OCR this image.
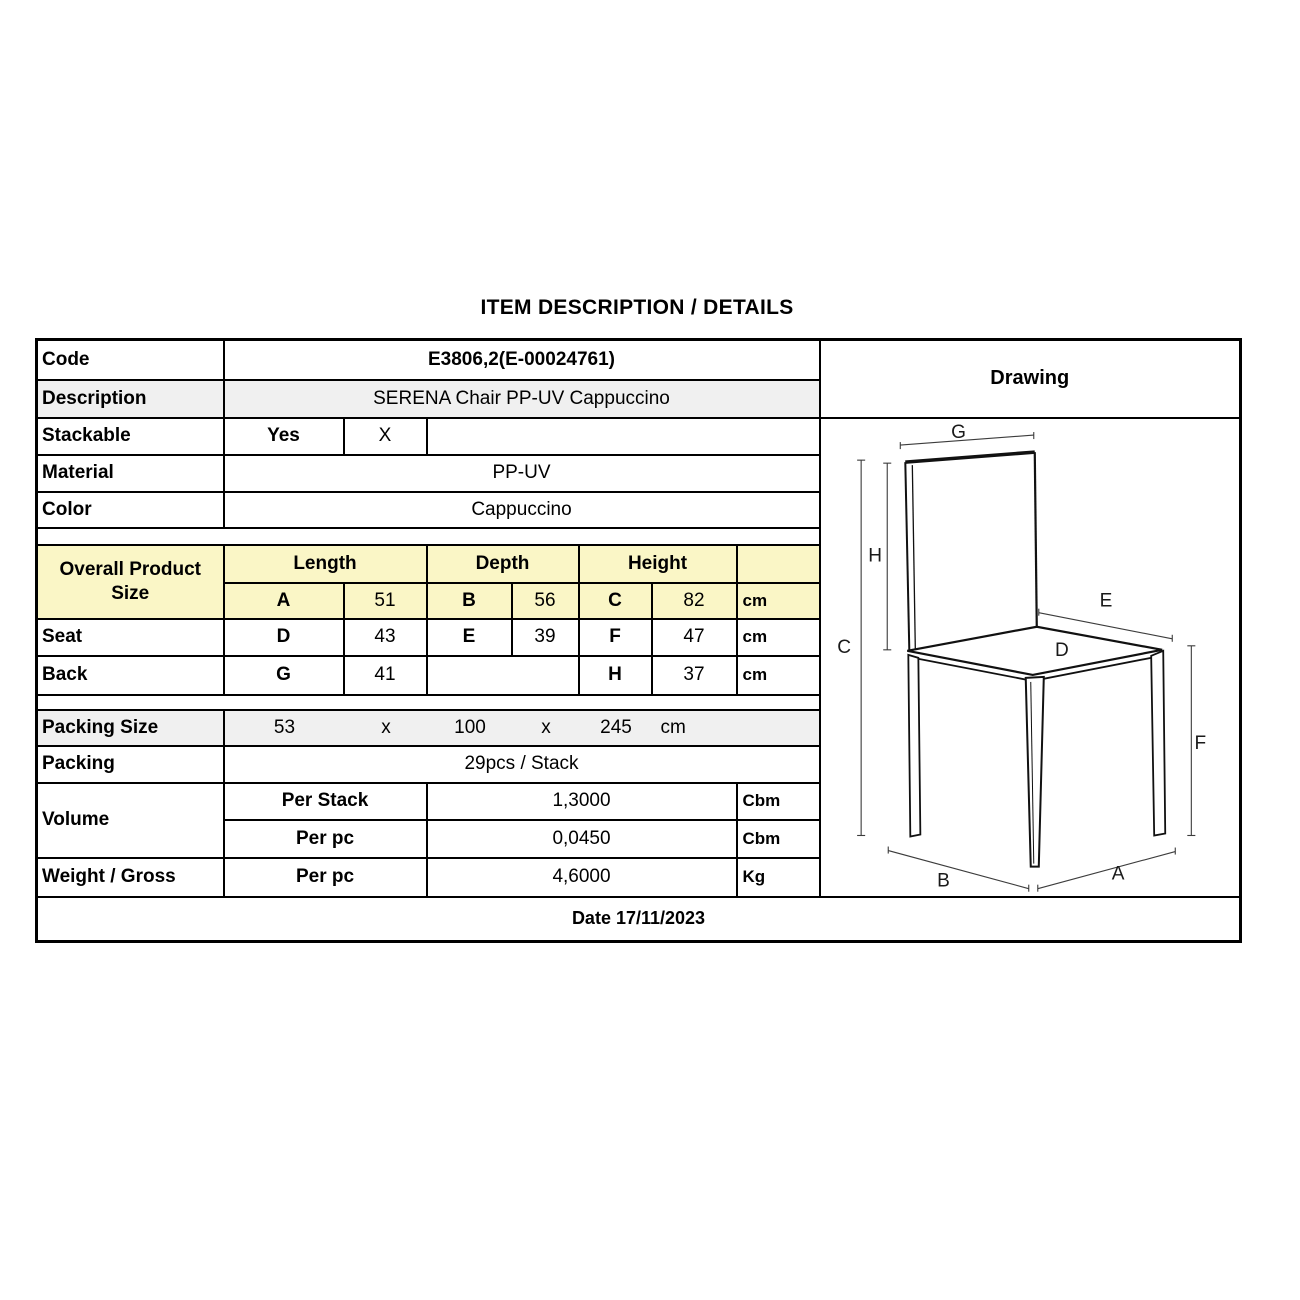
ITEM DESCRIPTION / DETAILS
Code	E3806,2(E-00024761)							Drawing
Description	SERENA Chair PP-UV Cappuccino							
Stackable	Yes	X		G
H
C
E
D
F
B	A

Material	PP-UV							
Color	Cappuccino							

Overall Product Size	Length		Depth		Height			
	A	51	B	56	C	82	cm	
Seat	D	43	E	39	F	47	cm	
Back	G	41			H	37	cm	

Packing Size	53	x	100	x	245	cm

Packing	29pcs / Stack							
Volume	Per Stack		1,3000				Cbm	
	Per pc		0,0450				Cbm	
Weight / Gross	Per pc		4,6000				Kg	
Date 17/11/2023								
